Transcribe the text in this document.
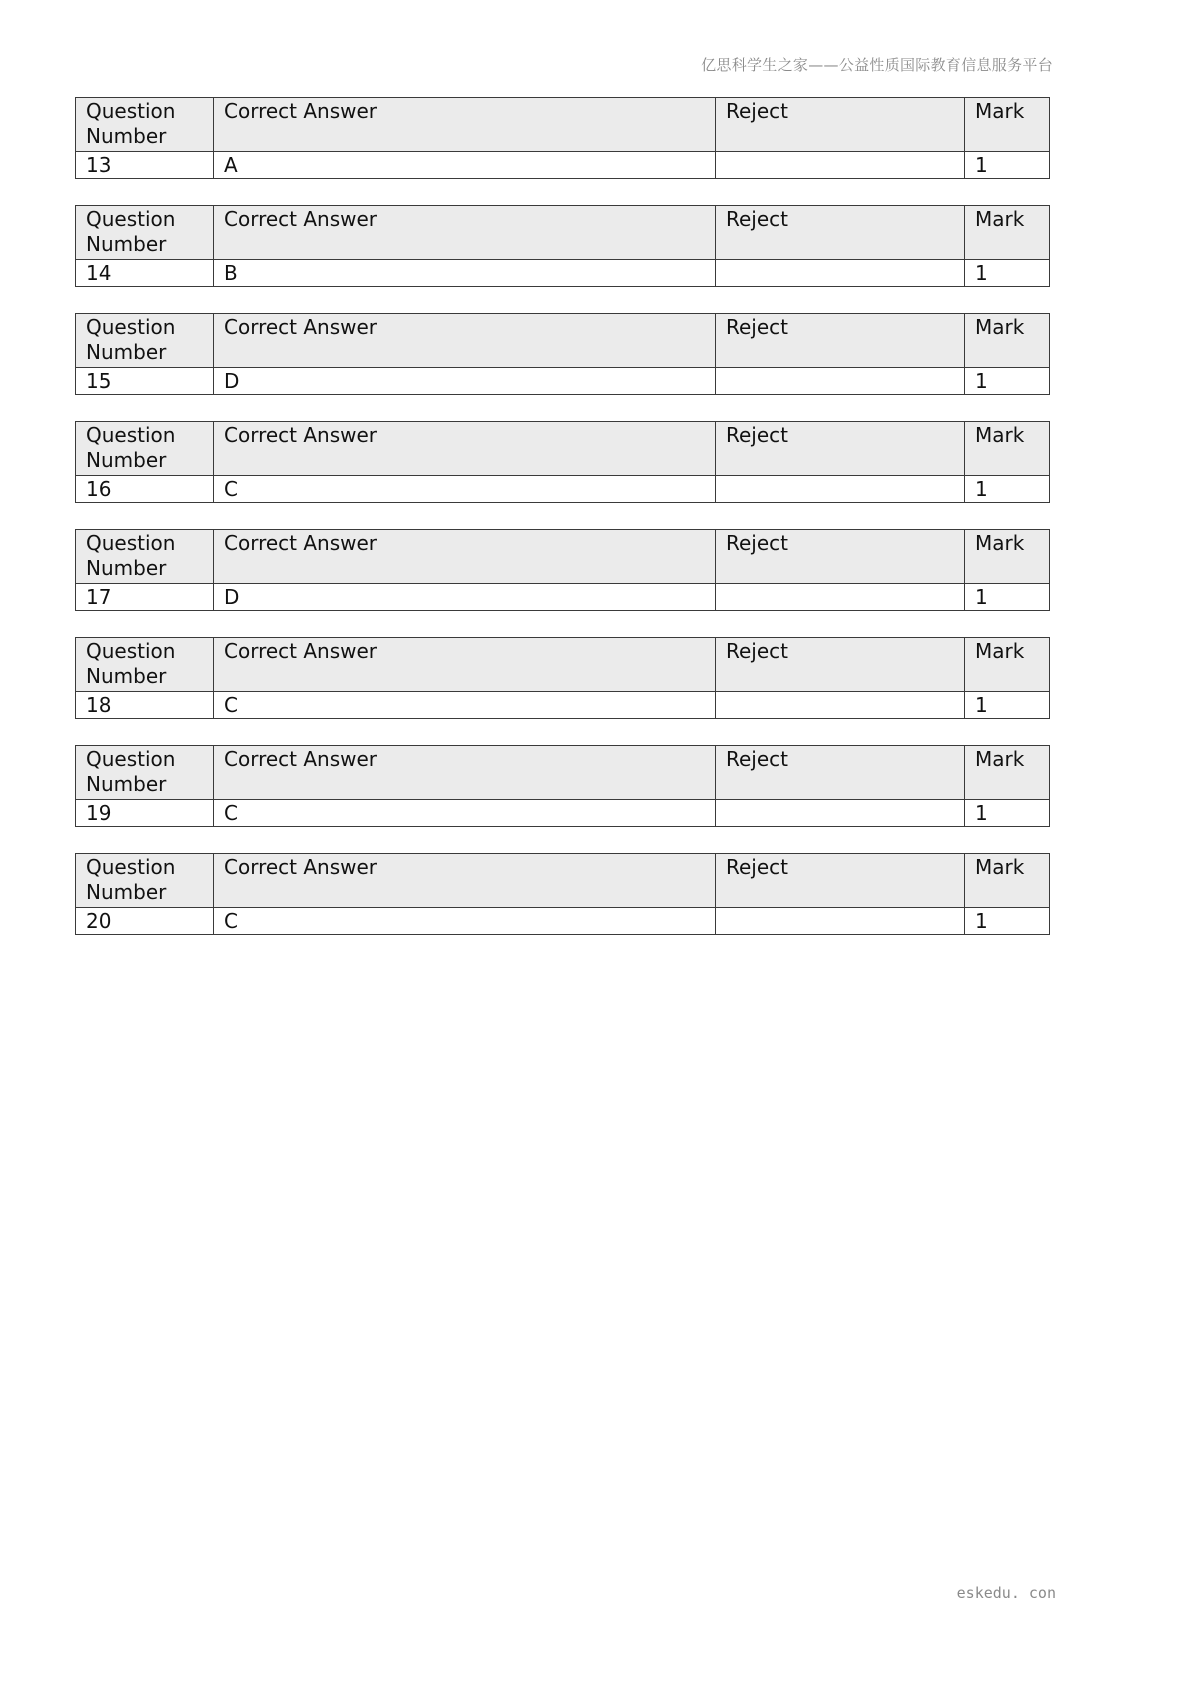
亿思科学生之家——公益性质国际教育信息服务平台
Question Number	Correct Answer	Reject	Mark
13	A		1
Question Number	Correct Answer	Reject	Mark
14	B		1
Question Number	Correct Answer	Reject	Mark
15	D		1
Question Number	Correct Answer	Reject	Mark
16	C		1
Question Number	Correct Answer	Reject	Mark
17	D		1
Question Number	Correct Answer	Reject	Mark
18	C		1
Question Number	Correct Answer	Reject	Mark
19	C		1
Question Number	Correct Answer	Reject	Mark
20	C		1
eskedu. con
